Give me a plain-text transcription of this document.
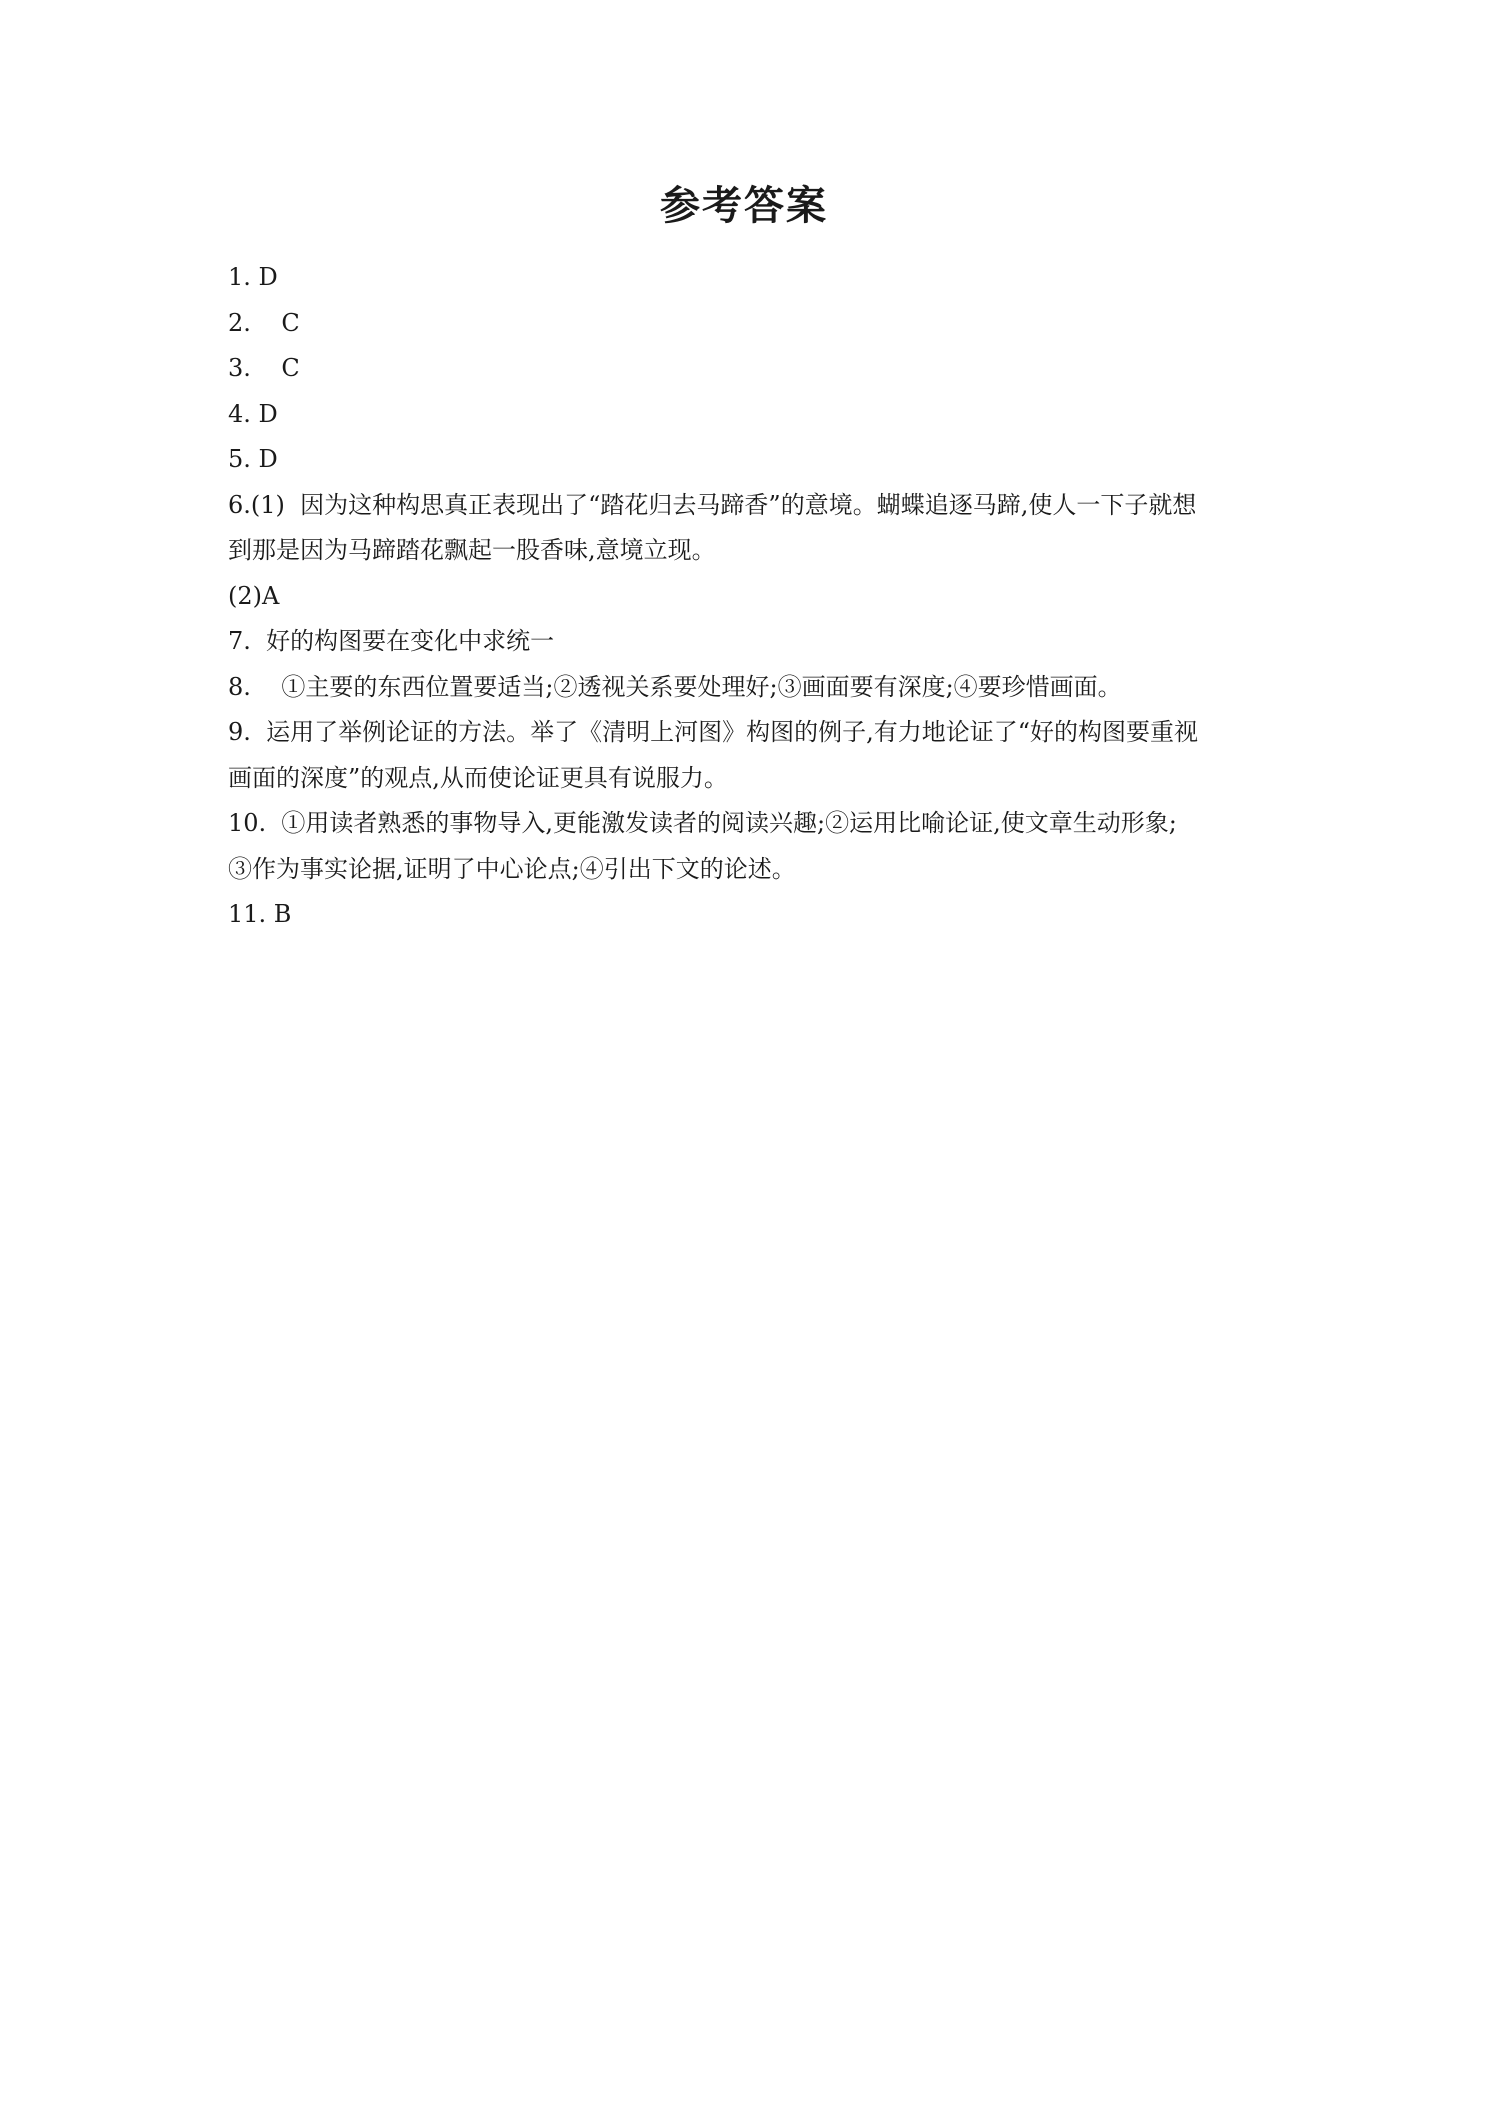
参考答案
1. D
2.    C
3.    C
4. D
5. D
6.(1)  因为这种构思真正表现出了“踏花归去马蹄香”的意境。蝴蝶追逐马蹄,使人一下子就想
到那是因为马蹄踏花飘起一股香味,意境立现。
(2)A
7.  好的构图要在变化中求统一
8.    ①主要的东西位置要适当;②透视关系要处理好;③画面要有深度;④要珍惜画面。
9.  运用了举例论证的方法。举了《清明上河图》构图的例子,有力地论证了“好的构图要重视
画面的深度”的观点,从而使论证更具有说服力。
10.  ①用读者熟悉的事物导入,更能激发读者的阅读兴趣;②运用比喻论证,使文章生动形象;
③作为事实论据,证明了中心论点;④引出下文的论述。
11. B
